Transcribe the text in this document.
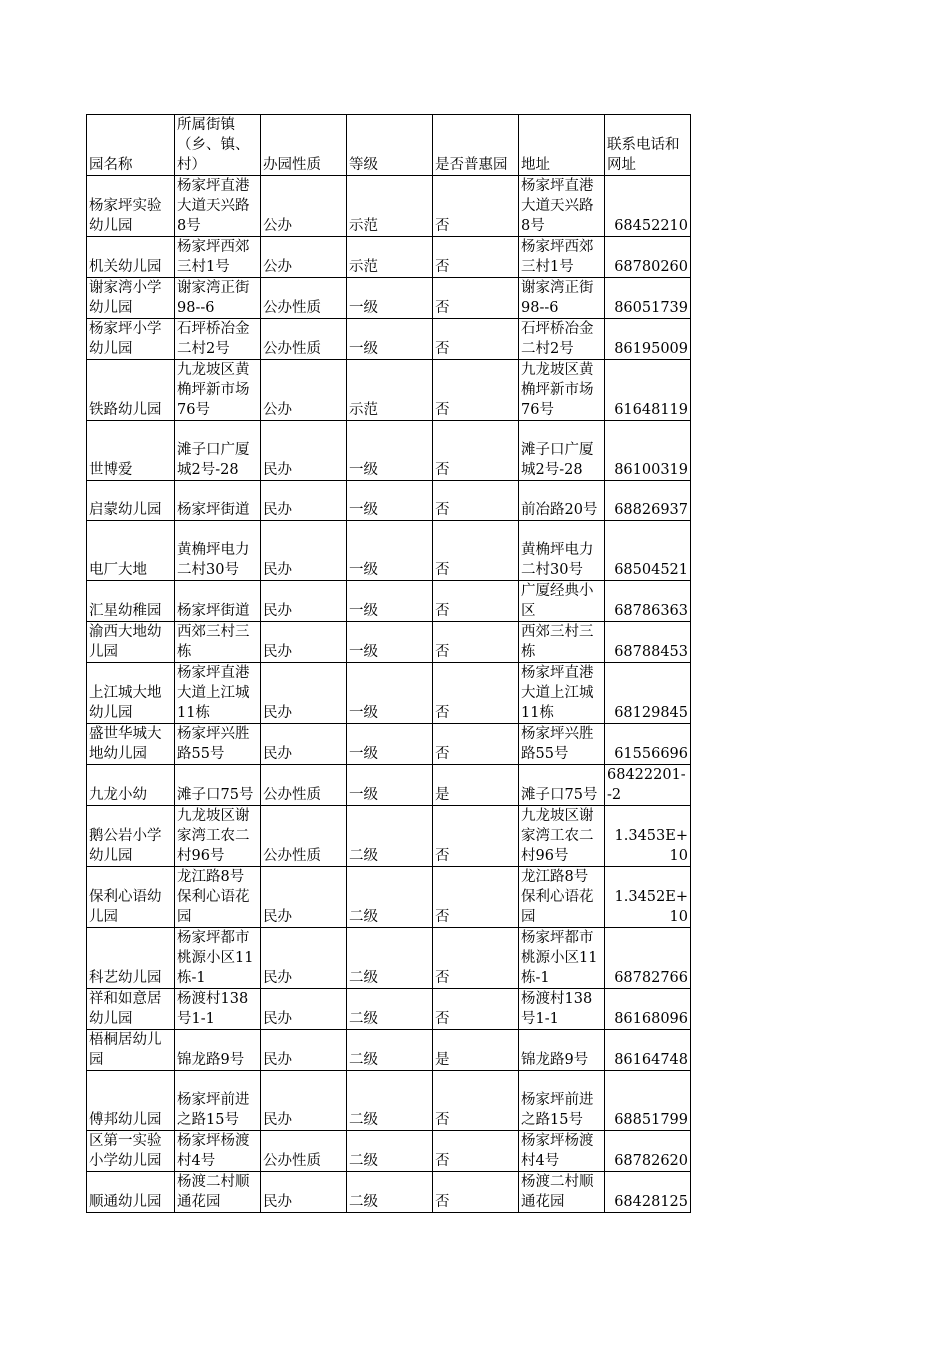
园名称	所属街镇（乡、镇、村）	办园性质	等级	是否普惠园	地址	联系电话和网址
杨家坪实验幼儿园	杨家坪直港大道天兴路8号	公办	示范	否	杨家坪直港大道天兴路8号	68452210
机关幼儿园	杨家坪西郊三村1号	公办	示范	否	杨家坪西郊三村1号	68780260
谢家湾小学幼儿园	谢家湾正街98--6	公办性质	一级	否	谢家湾正街98--6	86051739
杨家坪小学幼儿园	石坪桥冶金二村2号	公办性质	一级	否	石坪桥冶金二村2号	86195009
铁路幼儿园	九龙坡区黄桷坪新市场76号	公办	示范	否	九龙坡区黄桷坪新市场76号	61648119
世博爱	滩子口广厦城2号-28	民办	一级	否	滩子口广厦城2号-28	86100319
启蒙幼儿园	杨家坪街道	民办	一级	否	前冶路20号	68826937
电厂大地	黄桷坪电力二村30号	民办	一级	否	黄桷坪电力二村30号	68504521
汇星幼稚园	杨家坪街道	民办	一级	否	广厦经典小区	68786363
渝西大地幼儿园	西郊三村三栋	民办	一级	否	西郊三村三栋	68788453
上江城大地幼儿园	杨家坪直港大道上江城11栋	民办	一级	否	杨家坪直港大道上江城11栋	68129845
盛世华城大地幼儿园	杨家坪兴胜路55号	民办	一级	否	杨家坪兴胜路55号	61556696
九龙小幼	滩子口75号	公办性质	一级	是	滩子口75号	68422201--2
鹅公岩小学幼儿园	九龙坡区谢家湾工农二村96号	公办性质	二级	否	九龙坡区谢家湾工农二村96号	1.3453E+10
保利心语幼儿园	龙江路8号保利心语花园	民办	二级	否	龙江路8号保利心语花园	1.3452E+10
科艺幼儿园	杨家坪都市桃源小区11栋-1	民办	二级	否	杨家坪都市桃源小区11栋-1	68782766
祥和如意居幼儿园	杨渡村138号1-1	民办	二级	否	杨渡村138号1-1	86168096
梧桐居幼儿园	锦龙路9号	民办	二级	是	锦龙路9号	86164748
傅邦幼儿园	杨家坪前进之路15号	民办	二级	否	杨家坪前进之路15号	68851799
区第一实验小学幼儿园	杨家坪杨渡村4号	公办性质	二级	否	杨家坪杨渡村4号	68782620
顺通幼儿园	杨渡二村顺通花园	民办	二级	否	杨渡二村顺通花园	68428125
